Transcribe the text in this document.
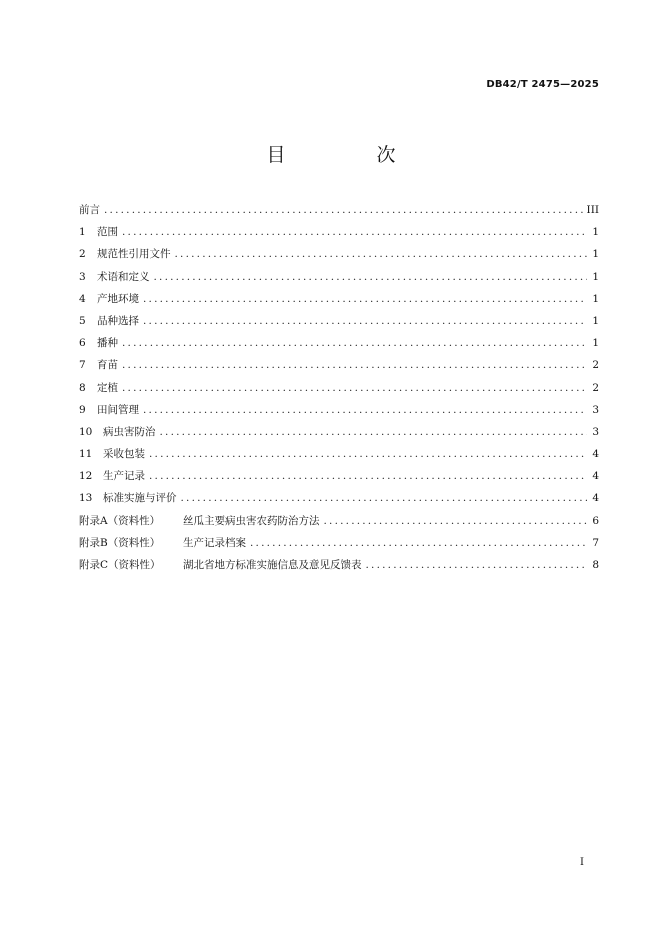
DB42/T 2475—2025
目　次
前言 .....	III
1	范围 .....	1
2	规范性引用文件 .....	1
3	术语和定义 .....	1
4	产地环境 .....	1
5	品种选择 .....	1
6	播种 .....	1
7	育苗 .....	2
8	定植 .....	2
9	田间管理 .....	3
10	病虫害防治 .....	3
11	采收包装 .....	4
12	生产记录 .....	4
13	标准实施与评价 .....	4
附录A（资料性）	丝瓜主要病虫害农药防治方法 .....	6
附录B（资料性）	生产记录档案 .....	7
附录C（资料性）	湖北省地方标准实施信息及意见反馈表 .....	8
I
